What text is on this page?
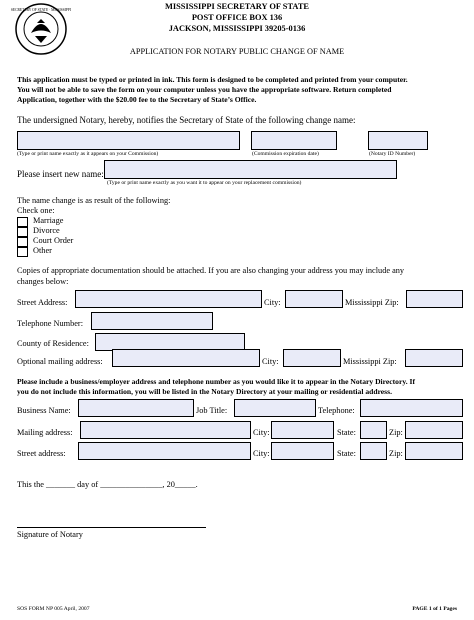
SECRETARY OF STATE · MISSISSIPPI	MISSISSIPPI SECRETARY OF STATE
POST OFFICE BOX 136
JACKSON, MISSISSIPPI 39205-0136
APPLICATION FOR NOTARY PUBLIC CHANGE OF NAME
This application must be typed or printed in ink. This form is designed to be completed and printed from your computer.
You will not be able to save the form on your computer unless you have the appropriate software. Return completed
Application, together with the $20.00 fee to the Secretary of State’s Office.
The undersigned Notary, hereby, notifies the Secretary of State of the following change name:
(Type or print name exactly as it appears on your Commission)	(Commission expiration date)	(Notary ID Number)
Please insert new name:
(Type or print name exactly as you want it to appear on your replacement commission)
The name change is as result of the following:
Check one:
Marriage
Divorce
Court Order
Other
Copies of appropriate documentation should be attached. If you are also changing your address you may include any
changes below:
Street Address:	City:	Mississippi Zip:
Telephone Number:
County of Residence:
Optional mailing address:	City:	Mississippi Zip:
Please include a business/employer address and telephone number as you would like it to appear in the Notary Directory. If
you do not include this information, you will be listed in the Notary Directory at your mailing or residential address.
Business Name:	Job Title:	Telephone:
Mailing address:	City:	State:	Zip:
Street address:	City:	State:	Zip:
This the _______ day of _______________, 20_____.
Signature of Notary
SOS FORM NP 005 April, 2007	PAGE 1 of 1 Pages
